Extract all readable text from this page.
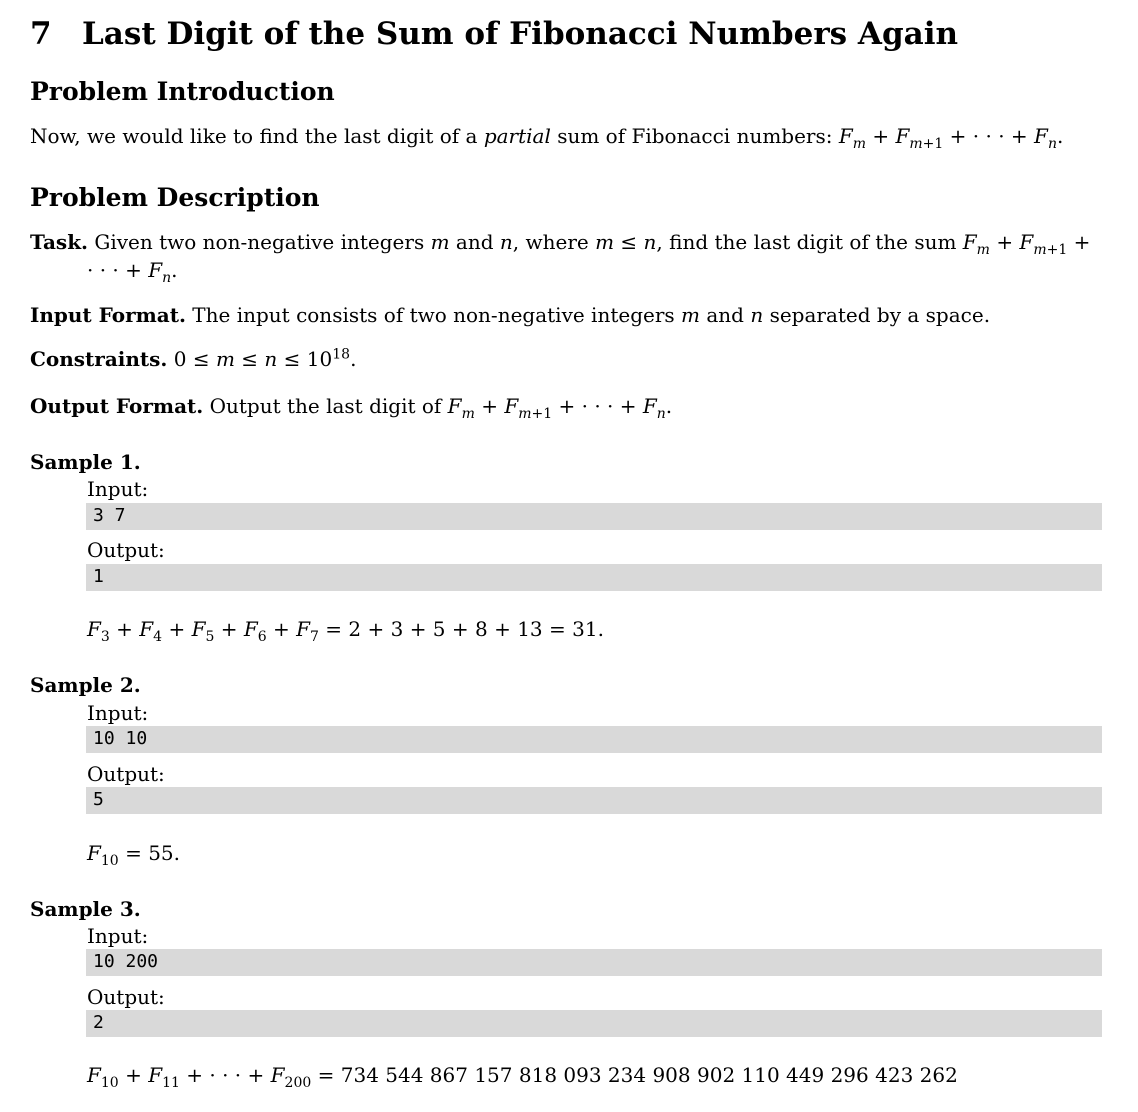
7 Last Digit of the Sum of Fibonacci Numbers Again
Problem Introduction
Now, we would like to find the last digit of a partial sum of Fibonacci numbers: $F_m + F_{m+1}$ + · · · + $F_n$.
Problem Description
Task. Given two non-negative integers m and n, where m ≤ n, find the last digit of the sum $F_m + F_{m+1}$ +
· · · + $F_n$.
Input Format. The input consists of two non-negative integers m and n separated by a space.
Constraints. $0 \le m \le n \le 10^{18}$.
Output Format. Output the last digit of $F_m + F_{m+1}$ + · · · + $F_n$.
Sample 1.
Input:
3 7
Output:
1
$F_3 + F_4 + F_5 + F_6 + F_7 = 2 + 3 + 5 + 8 + 13 = 31$.
Sample 2.
Input:
10 10
Output:
5
$F_{10} = 55$.
Sample 3.
Input:
10 200
Output:
2
$F_{10} + F_{11}$ + · · · + $F_{200} = 734$ 544 867 157 818 093 234 908 902 110 449 296 423 262
